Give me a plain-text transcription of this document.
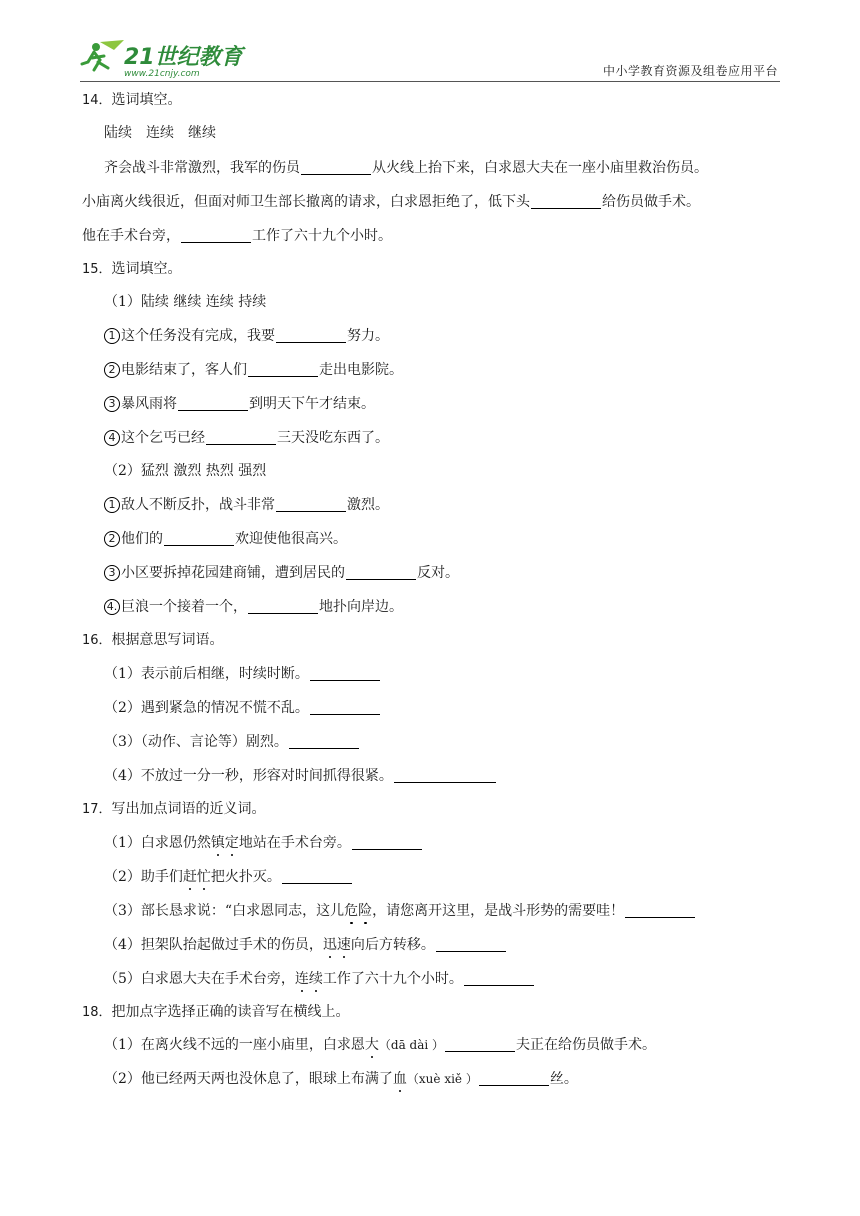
21世纪教育
www.21cnjy.com	中小学教育资源及组卷应用平台
14．选词填空。
陆续　连续　继续
齐会战斗非常激烈，我军的伤员	从火线上抬下来，白求恩大夫在一座小庙里救治伤员。
小庙离火线很近，但面对师卫生部长撤离的请求，白求恩拒绝了，低下头	给伤员做手术。
他在手术台旁，	工作了六十九个小时。
15．选词填空。
（1）陆续 继续 连续 持续
1 这个任务没有完成，我要	努力。
2 电影结束了，客人们	走出电影院。
3 暴风雨将	到明天下午才结束。
4 这个乞丐已经	三天没吃东西了。
（2）猛烈 激烈 热烈 强烈
1 敌人不断反扑，战斗非常	激烈。
2 他们的	欢迎使他很高兴。
3 小区要拆掉花园建商铺，遭到居民的	反对。
4. 巨浪一个接着一个，	地扑向岸边。
16．根据意思写词语。
（1）表示前后相继，时续时断。
（2）遇到紧急的情况不慌不乱。
（3）（动作、言论等）剧烈。
（4）不放过一分一秒，形容对时间抓得很紧。
17．写出加点词语的近义词。
（1）白求恩仍然镇定地站在手术台旁。
（2）助手们赶忙把火扑灭。
（3）部长恳求说：“白求恩同志，这儿危险，请您离开这里，是战斗形势的需要哇！
（4）担架队抬起做过手术的伤员，迅速向后方转移。
（5）白求恩大夫在手术台旁，连续工作了六十九个小时。
18．把加点字选择正确的读音写在横线上。
（1）在离火线不远的一座小庙里，白求恩大（dā dài ）	夫正在给伤员做手术。
（2）他已经两天两也没休息了，眼球上布满了血（xuè xiě ）	丝。
